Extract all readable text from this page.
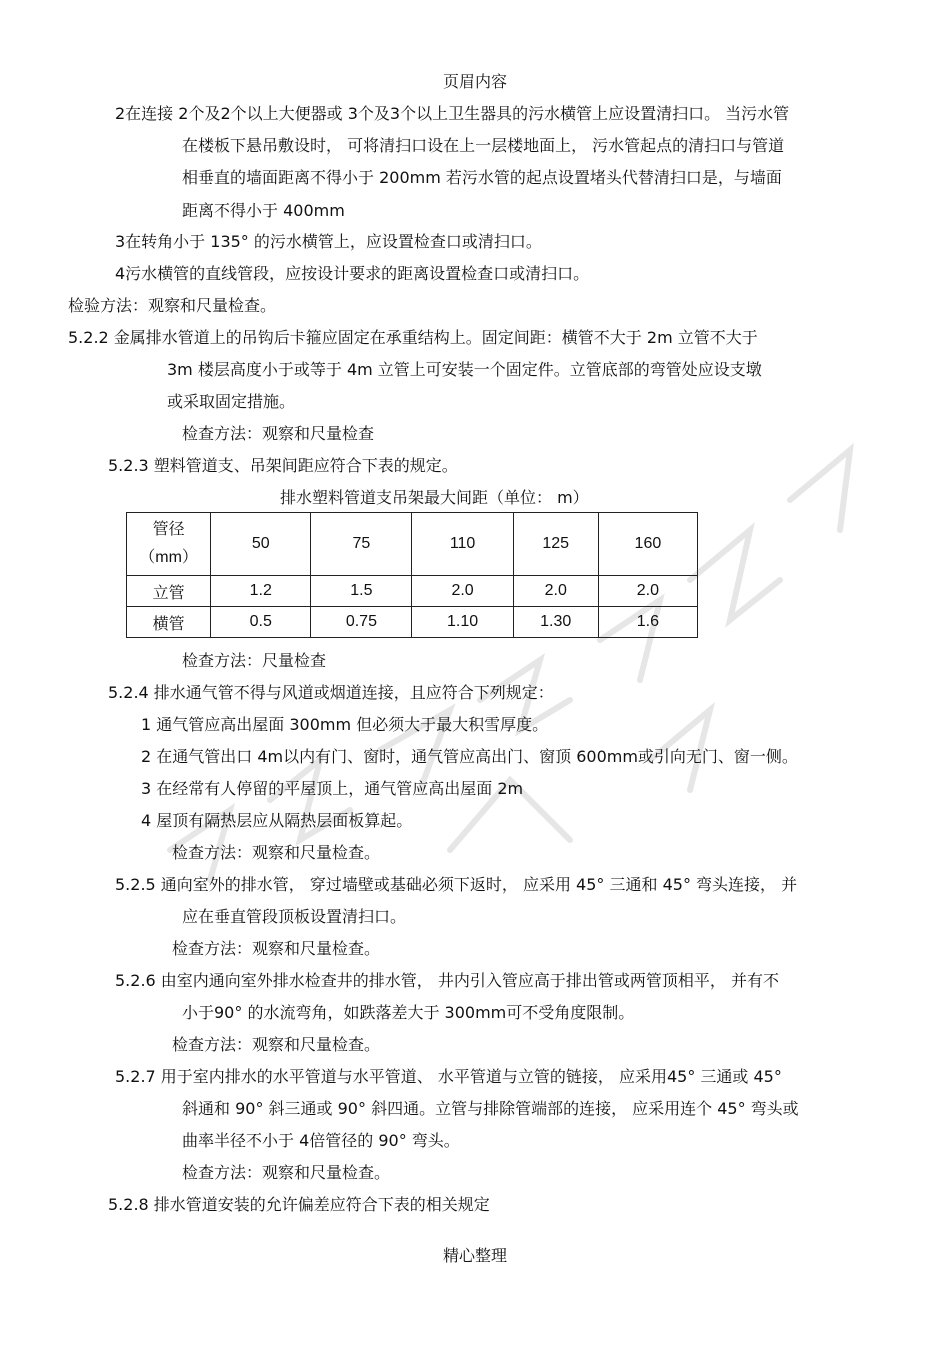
页眉内容
2在连接 2个及2个以上大便器或 3个及3个以上卫生器具的污水横管上应设置清扫口。 当污水管
在楼板下悬吊敷设时， 可将清扫口设在上一层楼地面上， 污水管起点的清扫口与管道
相垂直的墙面距离不得小于 200mm 若污水管的起点设置堵头代替清扫口是，与墙面
距离不得小于 400mm
3在转角小于 135° 的污水横管上，应设置检查口或清扫口。
4污水横管的直线管段，应按设计要求的距离设置检查口或清扫口。
检验方法：观察和尺量检查。
5.2.2 金属排水管道上的吊钩后卡箍应固定在承重结构上。固定间距：横管不大于 2m 立管不大于
3m 楼层高度小于或等于 4m 立管上可安装一个固定件。立管底部的弯管处应设支墩
或采取固定措施。
检查方法：观察和尺量检查
5.2.3 塑料管道支、吊架间距应符合下表的规定。
排水塑料管道支吊架最大间距（单位： m）
管径
（mm）	50	75	110	125	160
立管	1.2	1.5	2.0	2.0	2.0
横管	0.5	0.75	1.10	1.30	1.6
检查方法：尺量检查
5.2.4 排水通气管不得与风道或烟道连接，且应符合下列规定：
1 通气管应高出屋面 300mm 但必须大于最大积雪厚度。
2 在通气管出口 4m以内有门、窗时，通气管应高出门、窗顶 600mm或引向无门、窗一侧。
3 在经常有人停留的平屋顶上，通气管应高出屋面 2m
4 屋顶有隔热层应从隔热层面板算起。
检查方法：观察和尺量检查。
5.2.5 通向室外的排水管， 穿过墙壁或基础必须下返时， 应采用 45° 三通和 45° 弯头连接， 并
应在垂直管段顶板设置清扫口。
检查方法：观察和尺量检查。
5.2.6 由室内通向室外排水检查井的排水管， 井内引入管应高于排出管或两管顶相平， 并有不
小于90° 的水流弯角，如跌落差大于 300mm可不受角度限制。
检查方法：观察和尺量检查。
5.2.7 用于室内排水的水平管道与水平管道、 水平管道与立管的链接， 应采用45° 三通或 45°
斜通和 90° 斜三通或 90° 斜四通。立管与排除管端部的连接， 应采用连个 45° 弯头或
曲率半径不小于 4倍管径的 90° 弯头。
检查方法：观察和尺量检查。
5.2.8 排水管道安装的允许偏差应符合下表的相关规定
精心整理
